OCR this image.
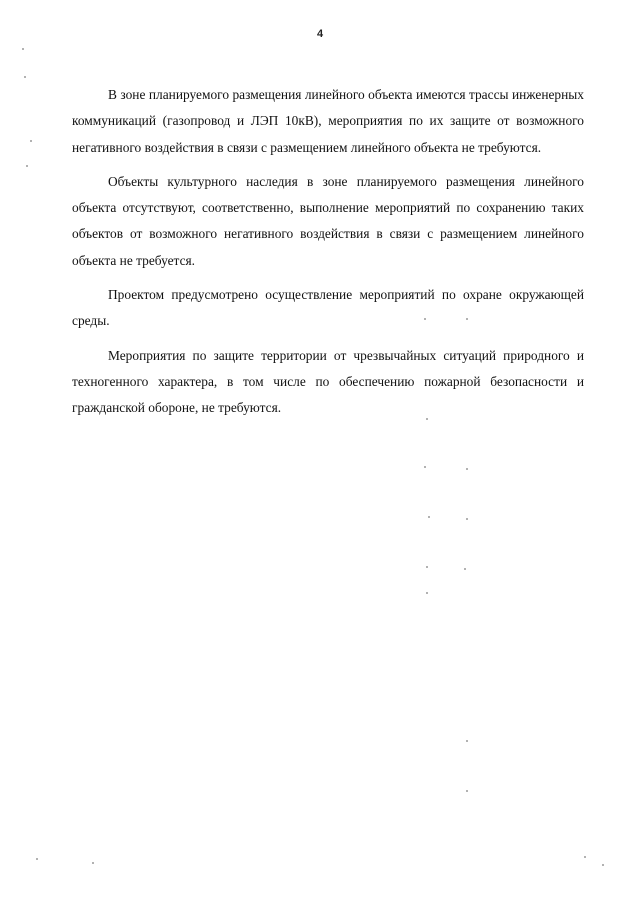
4

В зоне планируемого размещения линейного объекта имеются трассы инженерных коммуникаций (газопровод и ЛЭП 10кВ), мероприятия по их защите от возможного негативного воздействия в связи с размещением линейного объекта не требуются.

Объекты культурного наследия в зоне планируемого размещения линейного объекта отсутствуют, соответственно, выполнение мероприятий по сохранению таких объектов от возможного негативного воздействия в связи с размещением линейного объекта не требуется.

Проектом предусмотрено осуществление мероприятий по охране окружающей среды.

Мероприятия по защите территории от чрезвычайных ситуаций природного и техногенного характера, в том числе по обеспечению пожарной безопасности и гражданской обороне, не требуются.
